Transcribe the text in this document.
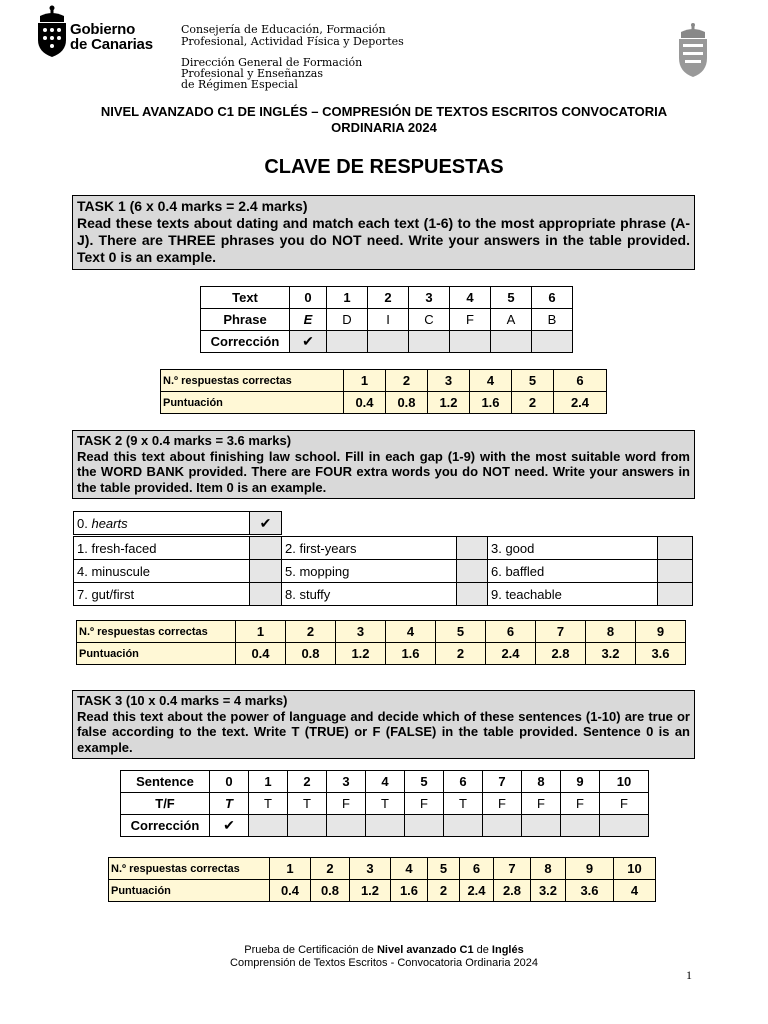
Gobierno
de Canarias
Consejería de Educación, Formación
Profesional, Actividad Física y Deportes
Dirección General de Formación
Profesional y Enseñanzas
de Régimen Especial
NIVEL AVANZADO C1 DE INGLÉS – COMPRESIÓN DE TEXTOS ESCRITOS CONVOCATORIA
ORDINARIA 2024
CLAVE DE RESPUESTAS
TASK 1 (6 x 0.4 marks = 2.4 marks)
Read these texts about dating and match each text (1-6) to the most appropriate phrase (A-J). There are THREE phrases you do NOT need. Write your answers in the table provided. Text 0 is an example.
Text	0	1	2	3	4	5	6
Phrase	E	D	I	C	F	A	B
Corrección	✔						
N.º respuestas correctas	1	2	3	4	5	6
Puntuación	0.4	0.8	1.2	1.6	2	2.4
TASK 2 (9 x 0.4 marks = 3.6 marks)
Read this text about finishing law school. Fill in each gap (1-9) with the most suitable word from the WORD BANK provided. There are FOUR extra words you do NOT need. Write your answers in the table provided. Item 0 is an example.
0. hearts	✔
1. fresh-faced		2. first-years		3. good	
4. minuscule		5. mopping		6. baffled	
7. gut/first		8. stuffy		9. teachable	
N.º respuestas correctas	1	2	3	4	5	6	7	8	9
Puntuación	0.4	0.8	1.2	1.6	2	2.4	2.8	3.2	3.6
TASK 3 (10 x 0.4 marks = 4 marks)
Read this text about the power of language and decide which of these sentences (1-10) are true or false according to the text. Write T (TRUE) or F (FALSE) in the table provided. Sentence 0 is an example.
Sentence	0	1	2	3	4	5	6	7	8	9	10
T/F	T	T	T	F	T	F	T	F	F	F	F
Corrección	✔										
N.º respuestas correctas	1	2	3	4	5	6	7	8	9	10
Puntuación	0.4	0.8	1.2	1.6	2	2.4	2.8	3.2	3.6	4
Prueba de Certificación de Nivel avanzado C1 de Inglés
Comprensión de Textos Escritos - Convocatoria Ordinaria 2024
1
